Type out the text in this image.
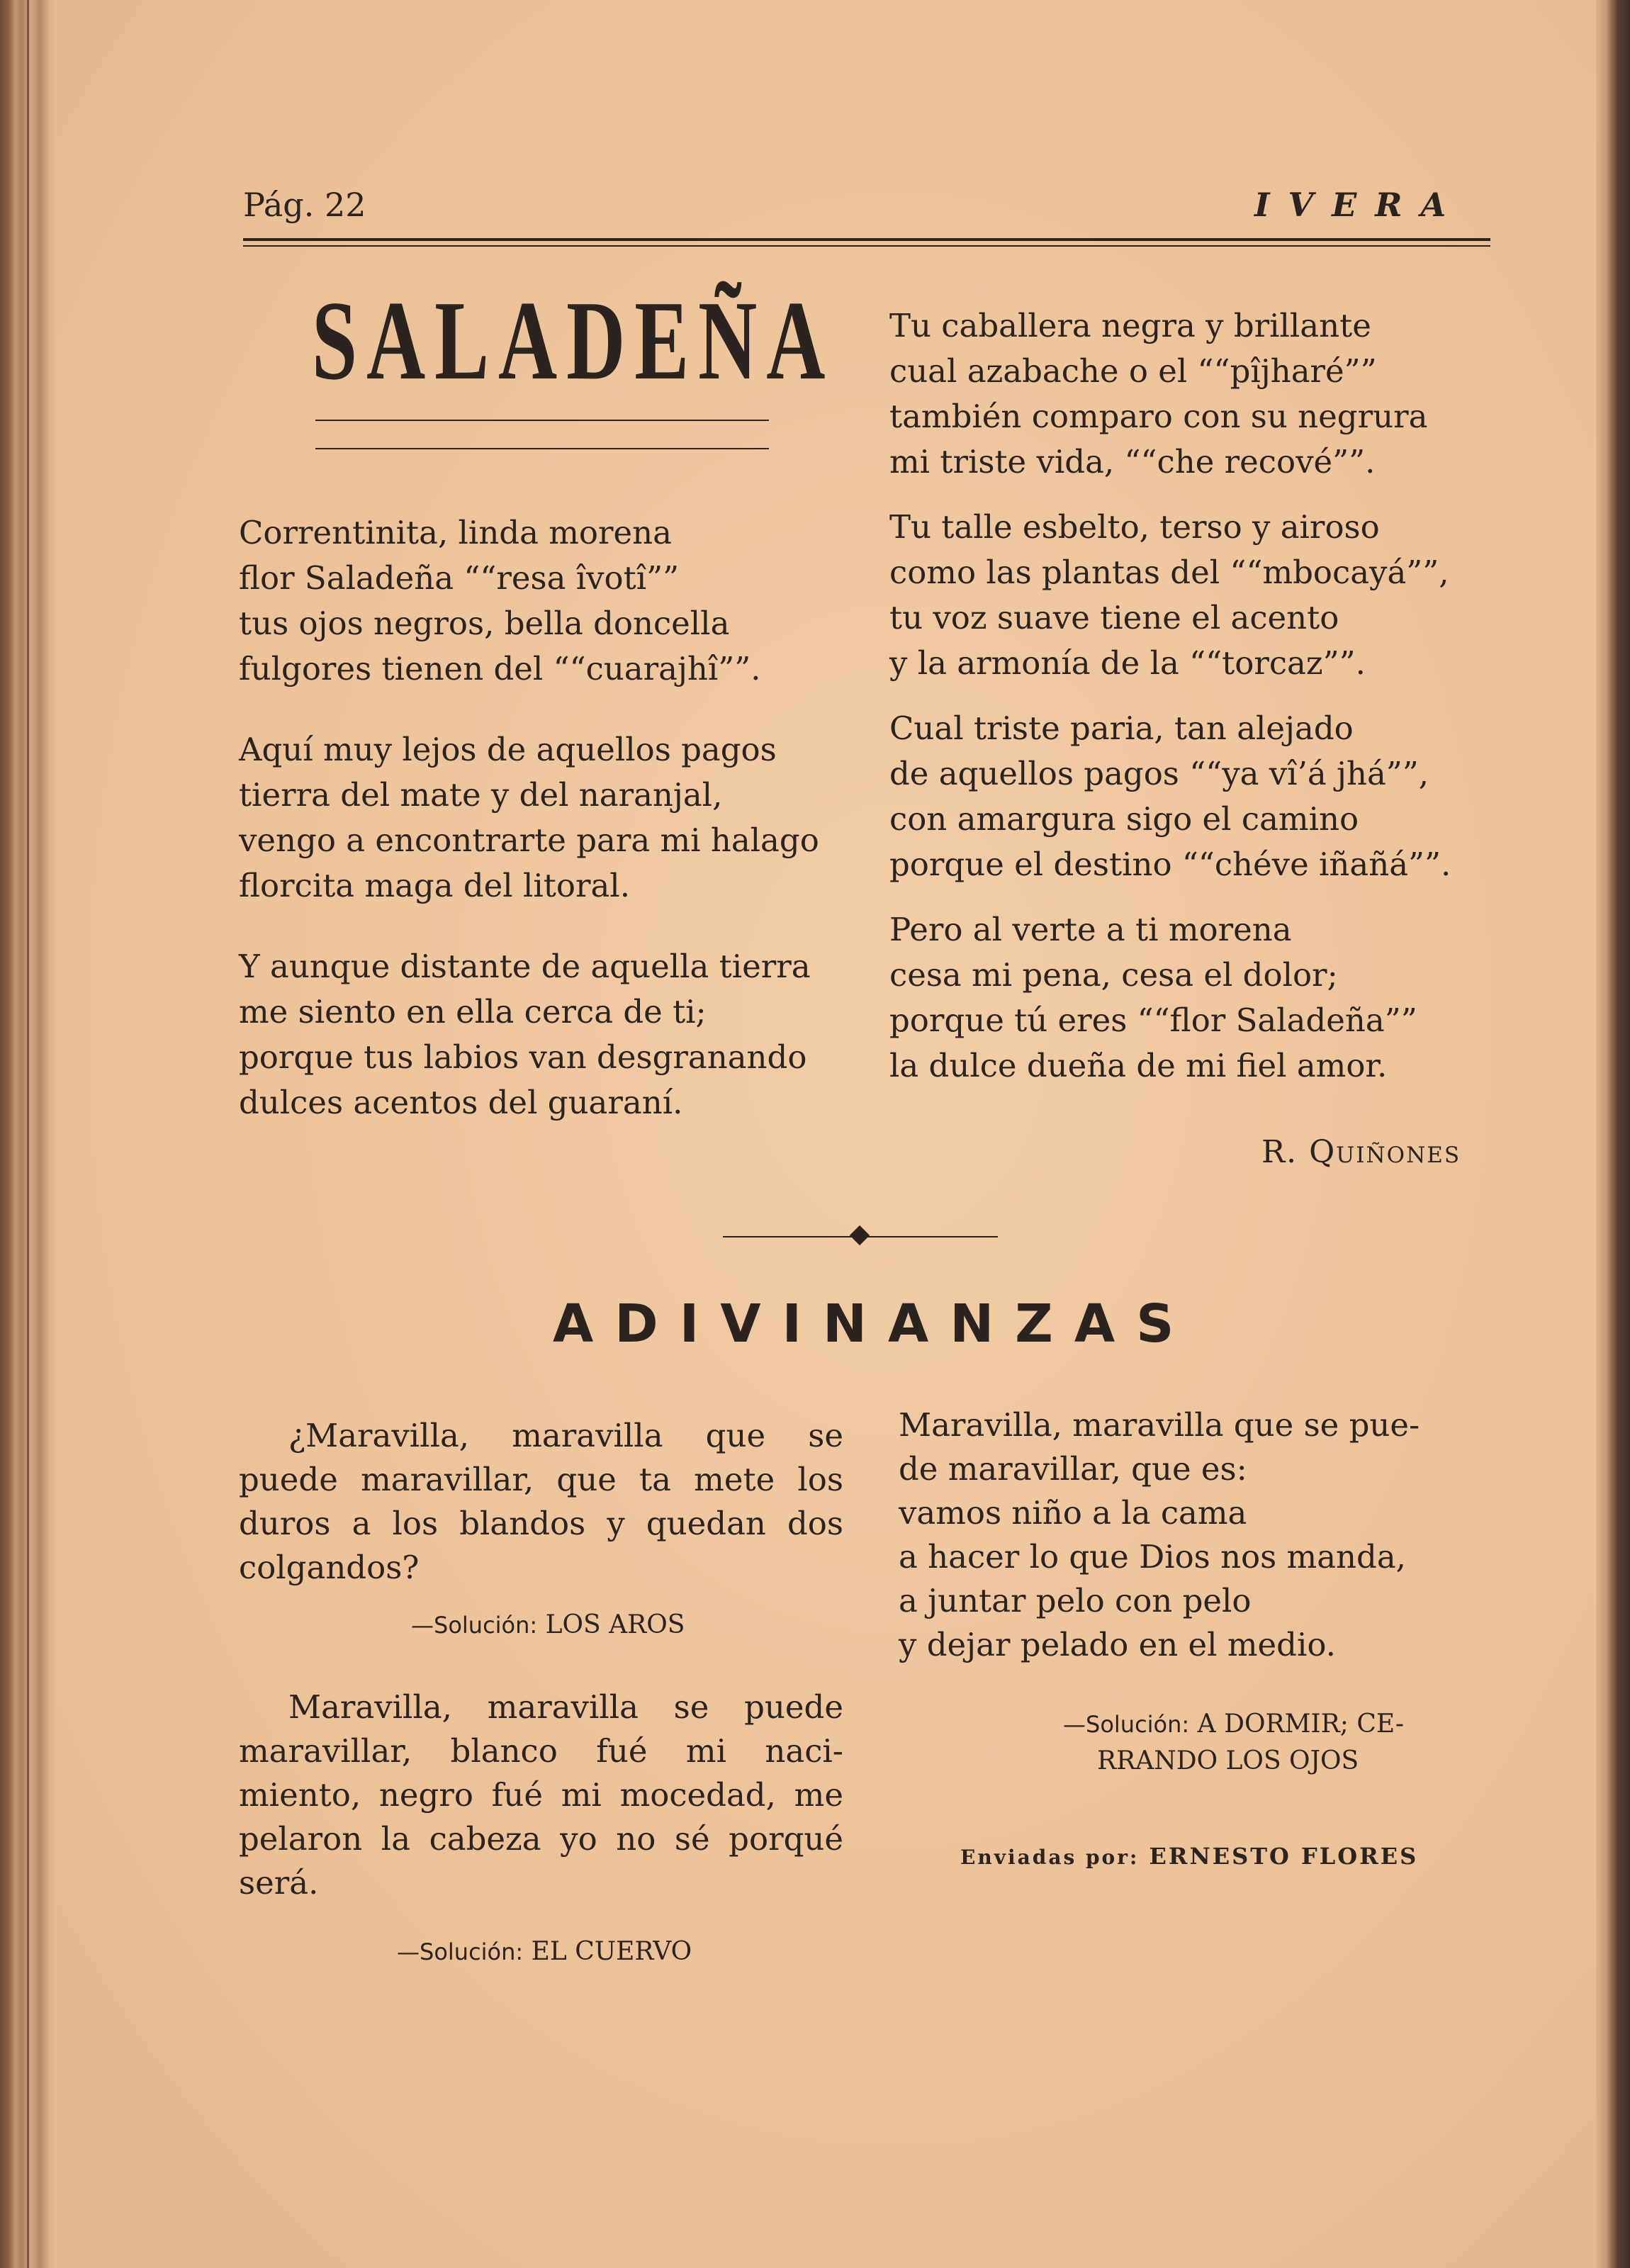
Pág. 22	IVERA
SALADEÑA
Correntinita, linda morena
flor Saladeña ““resa îvotî””
tus ojos negros, bella doncella
fulgores tienen del ““cuarajhî””.
Aquí muy lejos de aquellos pagos
tierra del mate y del naranjal,
vengo a encontrarte para mi halago
florcita maga del litoral.
Y aunque distante de aquella tierra
me siento en ella cerca de ti;
porque tus labios van desgranando
dulces acentos del guaraní.
Tu caballera negra y brillante
cual azabache o el ““pîjharé””
también comparo con su negrura
mi triste vida, ““che recové””.
Tu talle esbelto, terso y airoso
como las plantas del ““mbocayá””,
tu voz suave tiene el acento
y la armonía de la ““torcaz””.
Cual triste paria, tan alejado
de aquellos pagos ““ya vî’á jhá””,
con amargura sigo el camino
porque el destino ““chéve iñañá””.
Pero al verte a ti morena
cesa mi pena, cesa el dolor;
porque tú eres ““flor Saladeña””
la dulce dueña de mi fiel amor.
R. Quiñones
ADIVINANZAS
¿Maravilla, maravilla que se
puede maravillar, que ta mete los
duros a los blandos y quedan dos
colgandos?
—Solución: LOS AROS
Maravilla, maravilla se puede
maravillar, blanco fué mi naci-
miento, negro fué mi mocedad, me
pelaron la cabeza yo no sé porqué
será.
—Solución: EL CUERVO
Maravilla, maravilla que se pue-
de maravillar, que es:
vamos niño a la cama
a hacer lo que Dios nos manda,
a juntar pelo con pelo
y dejar pelado en el medio.
—Solución: A DORMIR; CE-
RRANDO LOS OJOS
Enviadas por: ERNESTO FLORES
